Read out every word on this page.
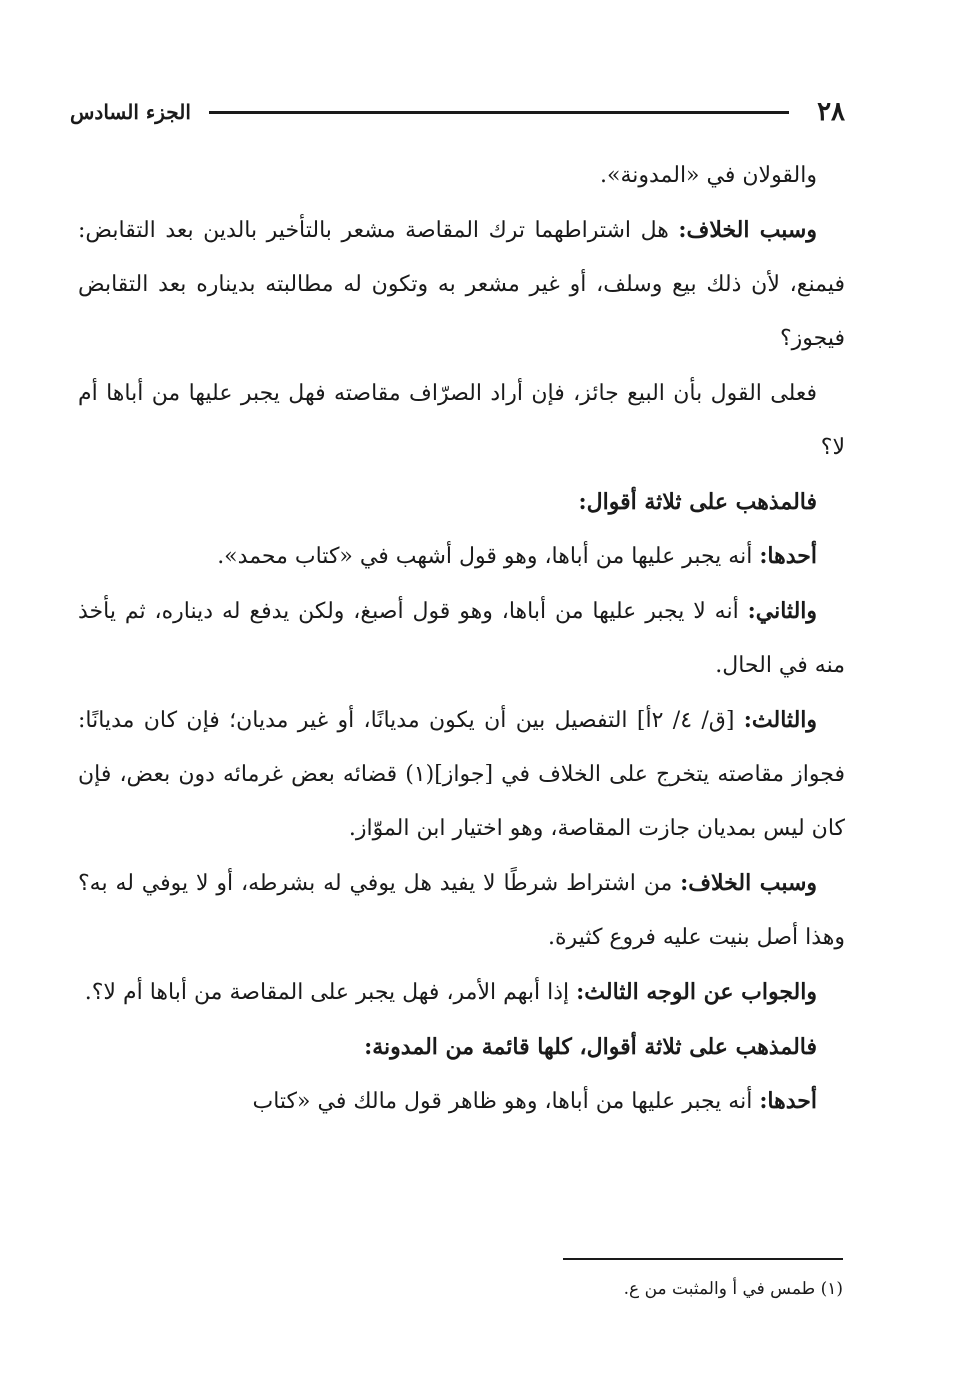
٢٨
الجزء السادس

والقولان في «المدونة».

وسبب الخلاف: هل اشتراطهما ترك المقاصة مشعر بالتأخير بالدين بعد التقابض: فيمنع، لأن ذلك بيع وسلف، أو غير مشعر به وتكون له مطالبته بديناره بعد التقابض فيجوز؟

فعلى القول بأن البيع جائز، فإن أراد الصرّاف مقاصته فهل يجبر عليها من أباها أم لا؟

فالمذهب على ثلاثة أقوال:

أحدها: أنه يجبر عليها من أباها، وهو قول أشهب في «كتاب محمد».

والثاني: أنه لا يجبر عليها من أباها، وهو قول أصبغ، ولكن يدفع له ديناره، ثم يأخذ منه في الحال.

والثالث: [ق/ ٤/ ٢أ] التفصيل بين أن يكون مديانًا، أو غير مديان؛ فإن كان مديانًا: فجواز مقاصته يتخرج على الخلاف في [جواز](١) قضائه بعض غرمائه دون بعض، فإن كان ليس بمديان جازت المقاصة، وهو اختيار ابن الموّاز.

وسبب الخلاف: من اشتراط شرطًا لا يفيد هل يوفي له بشرطه، أو لا يوفي له به؟ وهذا أصل بنيت عليه فروع كثيرة.

والجواب عن الوجه الثالث: إذا أبهم الأمر، فهل يجبر على المقاصة من أباها أم لا؟.

فالمذهب على ثلاثة أقوال، كلها قائمة من المدونة:

أحدها: أنه يجبر عليها من أباها، وهو ظاهر قول مالك في «كتاب

(١) طمس في أ والمثبت من ع.
